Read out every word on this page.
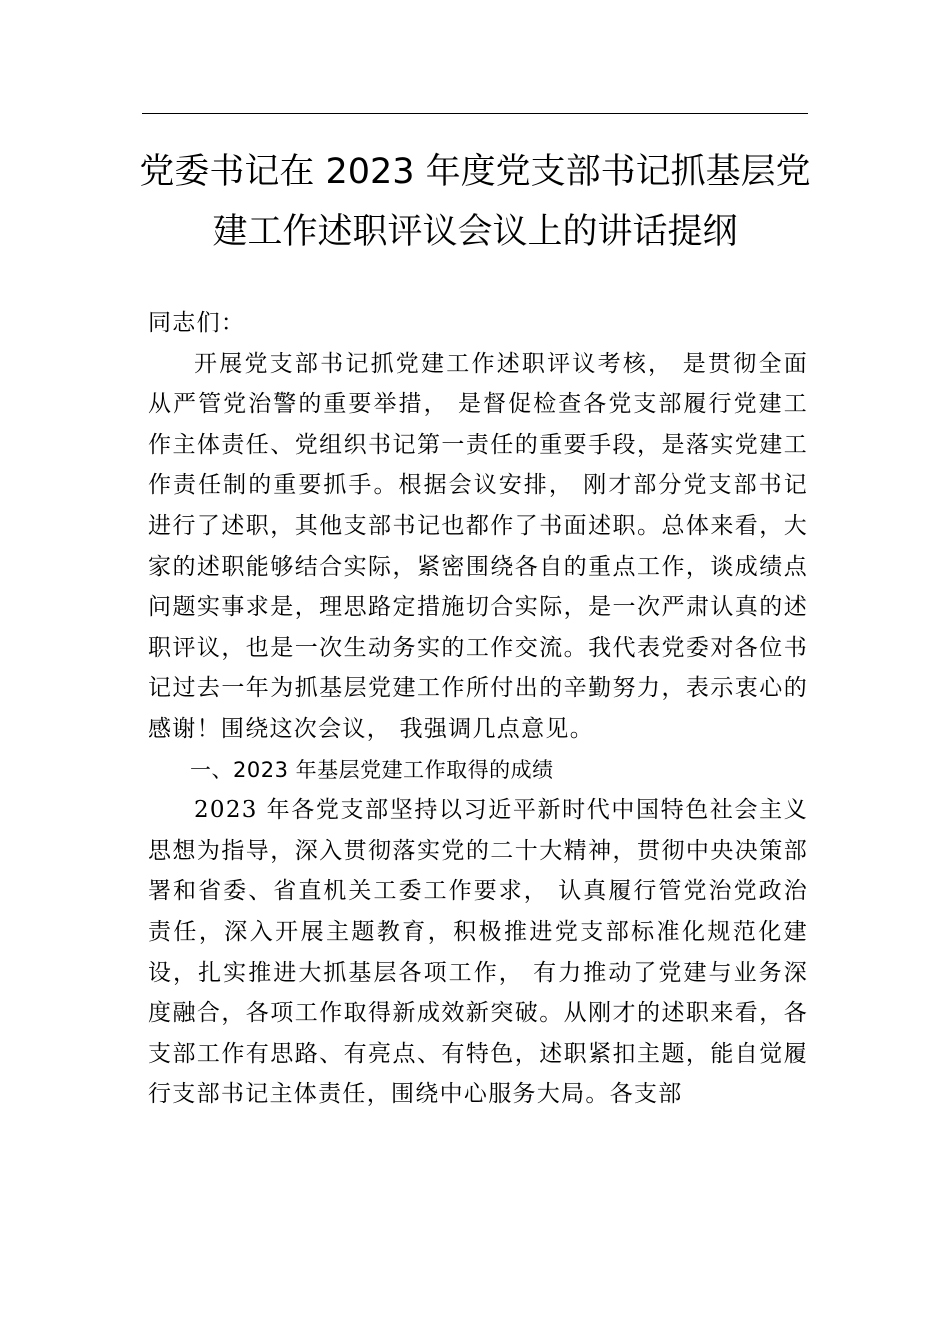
党委书记在 2023 年度党支部书记抓基层党
建工作述职评议会议上的讲话提纲

同志们：

开展党支部书记抓党建工作述职评议考核， 是贯彻全面从严管党治警的重要举措， 是督促检查各党支部履行党建工作主体责任、党组织书记第一责任的重要手段，是落实党建工作责任制的重要抓手。根据会议安排， 刚才部分党支部书记进行了述职，其他支部书记也都作了书面述职。总体来看，大家的述职能够结合实际，紧密围绕各自的重点工作，谈成绩点问题实事求是，理思路定措施切合实际，是一次严肃认真的述职评议，也是一次生动务实的工作交流。我代表党委对各位书记过去一年为抓基层党建工作所付出的辛勤努力，表示衷心的感谢！围绕这次会议， 我强调几点意见。

一、2023 年基层党建工作取得的成绩

2023 年各党支部坚持以习近平新时代中国特色社会主义思想为指导，深入贯彻落实党的二十大精神，贯彻中央决策部署和省委、省直机关工委工作要求， 认真履行管党治党政治责任，深入开展主题教育，积极推进党支部标准化规范化建设，扎实推进大抓基层各项工作， 有力推动了党建与业务深度融合，各项工作取得新成效新突破。从刚才的述职来看，各支部工作有思路、有亮点、有特色，述职紧扣主题，能自觉履行支部书记主体责任，围绕中心服务大局。各支部
